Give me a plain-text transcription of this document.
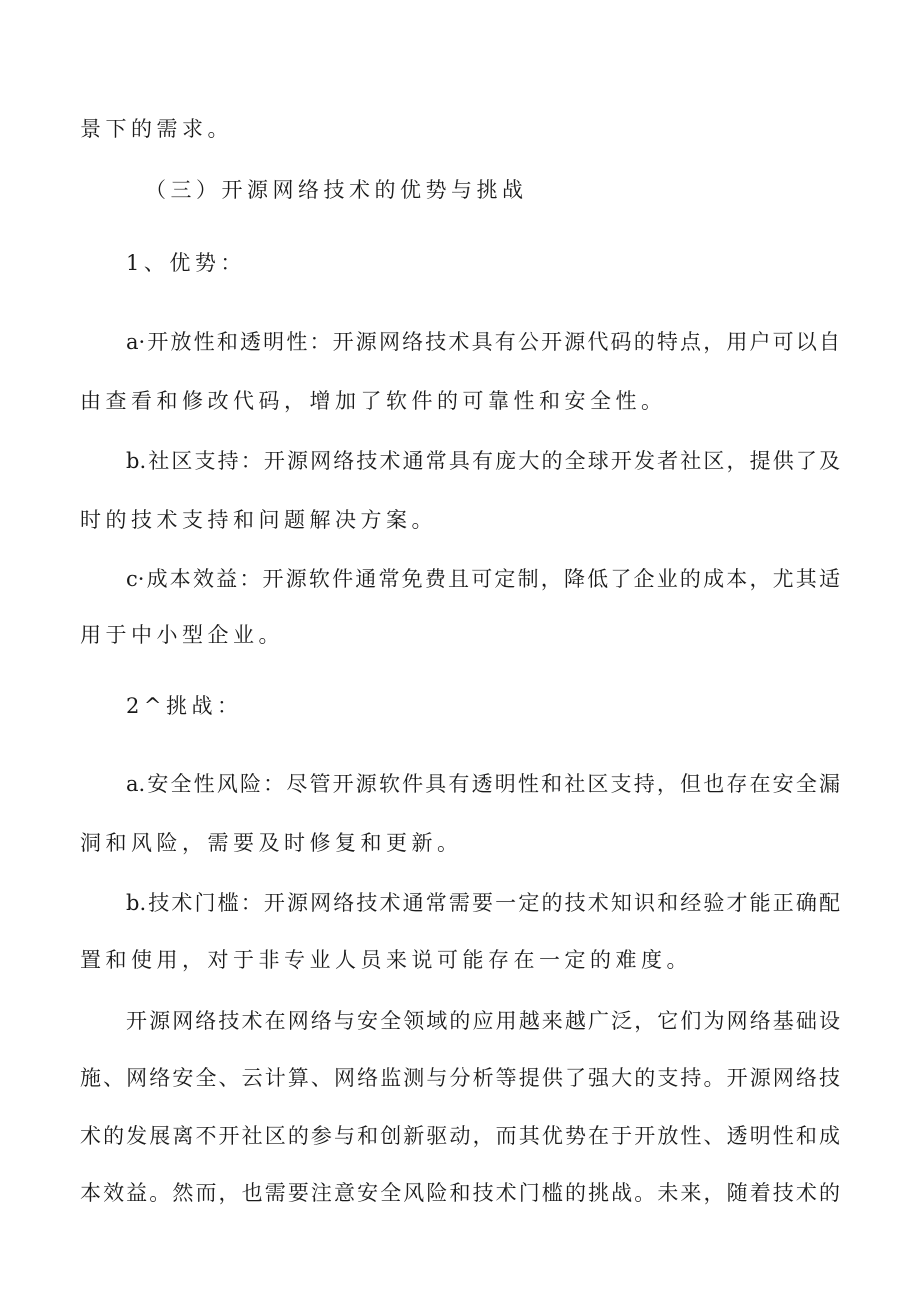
景下的需求。
（三）开源网络技术的优势与挑战
1、优势：
a·开放性和透明性：开源网络技术具有公开源代码的特点，用户可以自
由查看和修改代码，增加了软件的可靠性和安全性。
b.社区支持：开源网络技术通常具有庞大的全球开发者社区，提供了及
时的技术支持和问题解决方案。
c·成本效益：开源软件通常免费且可定制，降低了企业的成本，尤其适
用于中小型企业。
2^挑战：
a.安全性风险：尽管开源软件具有透明性和社区支持，但也存在安全漏
洞和风险，需要及时修复和更新。
b.技术门槛：开源网络技术通常需要一定的技术知识和经验才能正确配
置和使用，对于非专业人员来说可能存在一定的难度。
开源网络技术在网络与安全领域的应用越来越广泛，它们为网络基础设
施、网络安全、云计算、网络监测与分析等提供了强大的支持。开源网络技
术的发展离不开社区的参与和创新驱动，而其优势在于开放性、透明性和成
本效益。然而，也需要注意安全风险和技术门槛的挑战。未来，随着技术的
